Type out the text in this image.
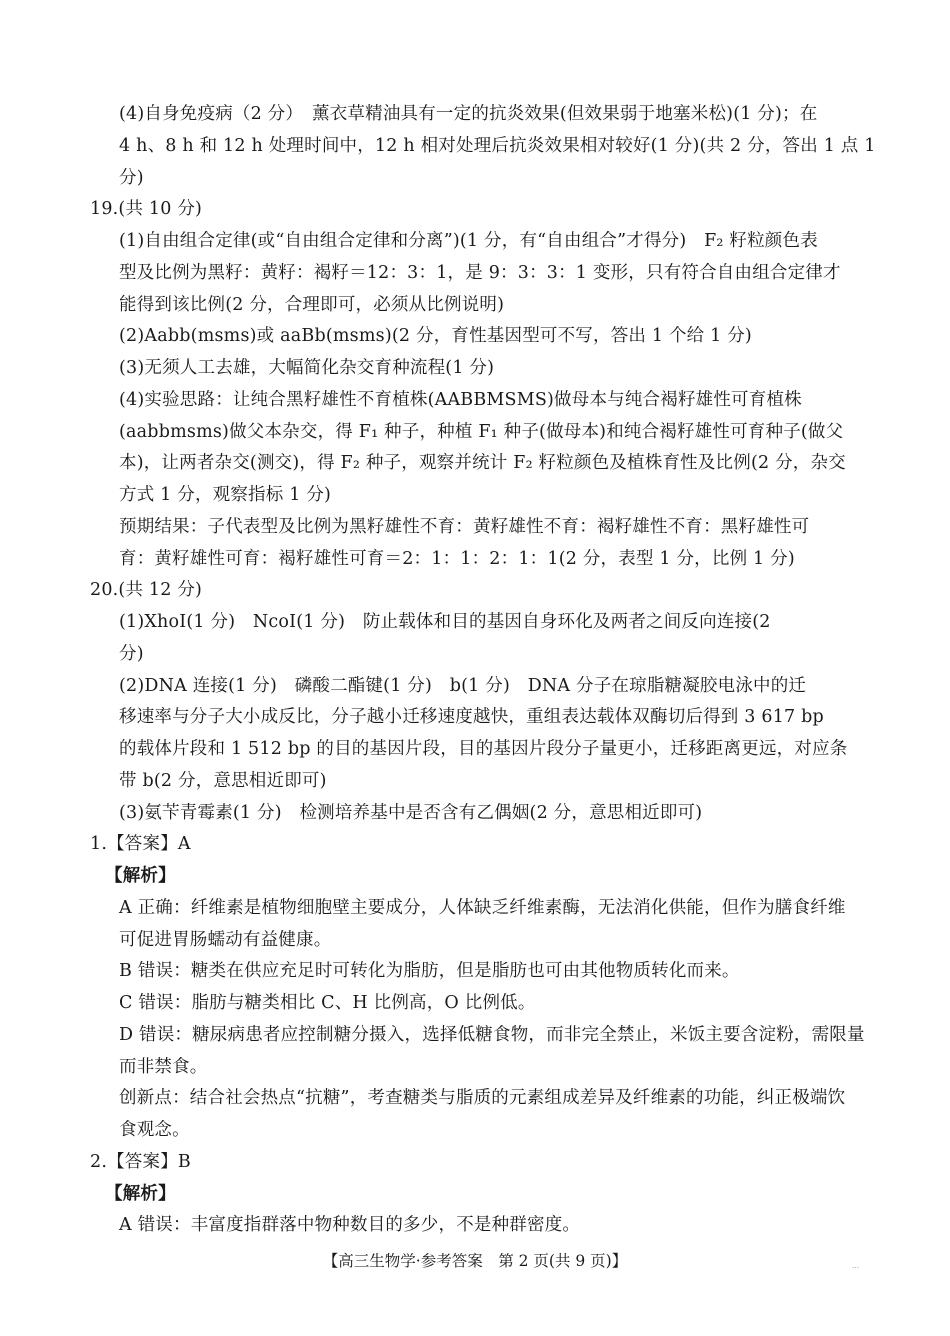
(4)自身免疫病（2 分）　薰衣草精油具有一定的抗炎效果(但效果弱于地塞米松)(1 分)；在
4 h、8 h 和 12 h 处理时间中，12 h 相对处理后抗炎效果相对较好(1 分)(共 2 分，答出 1 点 1
分)
19.(共 10 分)
(1)自由组合定律(或“自由组合定律和分离”)(1 分，有“自由组合”才得分)　F₂ 籽粒颜色表
型及比例为黑籽：黄籽：褐籽＝12：3：1，是 9：3：3：1 变形，只有符合自由组合定律才
能得到该比例(2 分，合理即可，必须从比例说明)
(2)Aabb(msms)或 aaBb(msms)(2 分，育性基因型可不写，答出 1 个给 1 分)
(3)无须人工去雄，大幅简化杂交育种流程(1 分)
(4)实验思路：让纯合黑籽雄性不育植株(AABBMSMS)做母本与纯合褐籽雄性可育植株
(aabbmsms)做父本杂交，得 F₁ 种子，种植 F₁ 种子(做母本)和纯合褐籽雄性可育种子(做父
本)，让两者杂交(测交)，得 F₂ 种子，观察并统计 F₂ 籽粒颜色及植株育性及比例(2 分，杂交
方式 1 分，观察指标 1 分)
预期结果：子代表型及比例为黑籽雄性不育：黄籽雄性不育：褐籽雄性不育：黑籽雄性可
育：黄籽雄性可育：褐籽雄性可育＝2：1：1：2：1：1(2 分，表型 1 分，比例 1 分)
20.(共 12 分)
(1)XhoⅠ(1 分)　NcoⅠ(1 分)　防止载体和目的基因自身环化及两者之间反向连接(2
分)
(2)DNA 连接(1 分)　磷酸二酯键(1 分)　b(1 分)　DNA 分子在琼脂糖凝胶电泳中的迁
移速率与分子大小成反比，分子越小迁移速度越快，重组表达载体双酶切后得到 3 617 bp
的载体片段和 1 512 bp 的目的基因片段，目的基因片段分子量更小，迁移距离更远，对应条
带 b(2 分，意思相近即可)
(3)氨苄青霉素(1 分)　检测培养基中是否含有乙偶姻(2 分，意思相近即可)
1.【答案】A
【解析】
A 正确：纤维素是植物细胞壁主要成分，人体缺乏纤维素酶，无法消化供能，但作为膳食纤维
可促进胃肠蠕动有益健康。
B 错误：糖类在供应充足时可转化为脂肪，但是脂肪也可由其他物质转化而来。
C 错误：脂肪与糖类相比 C、H 比例高，O 比例低。
D 错误：糖尿病患者应控制糖分摄入，选择低糖食物，而非完全禁止，米饭主要含淀粉，需限量
而非禁食。
创新点：结合社会热点“抗糖”，考查糖类与脂质的元素组成差异及纤维素的功能，纠正极端饮
食观念。
2.【答案】B
【解析】
A 错误：丰富度指群落中物种数目的多少，不是种群密度。
【高三生物学·参考答案　第 2 页(共 9 页)】	…
